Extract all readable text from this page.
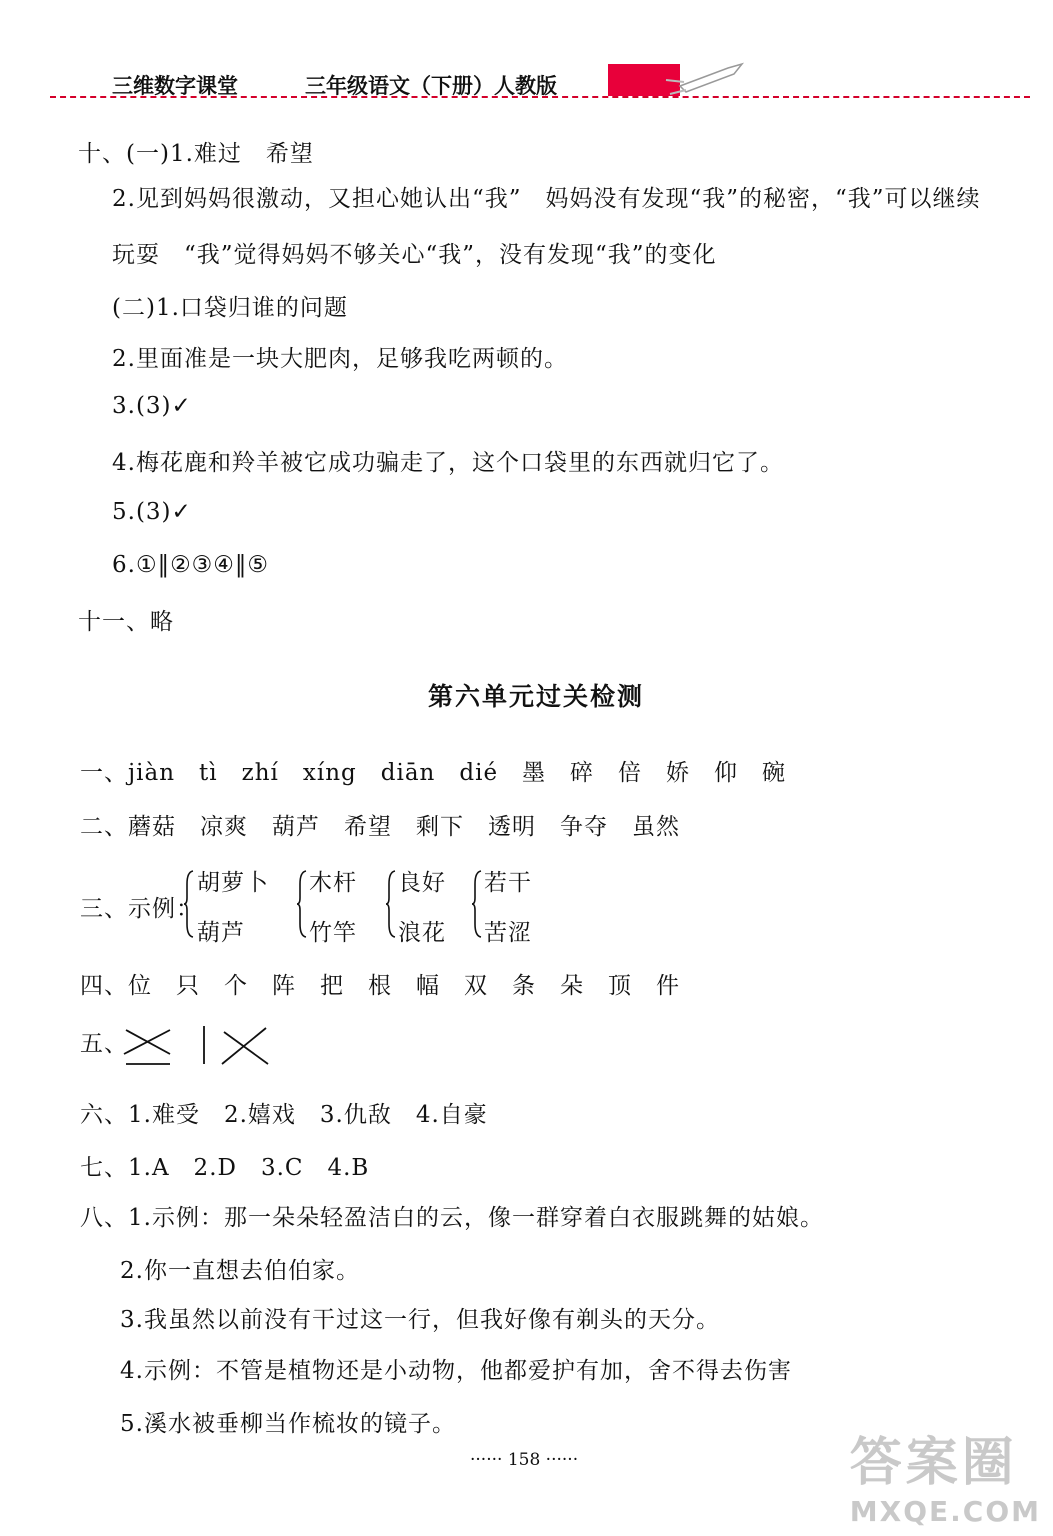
三维数字课堂	三年级语文（下册）人教版
十、(一)1.难过　希望
2.见到妈妈很激动，又担心她认出“我”　妈妈没有发现“我”的秘密，“我”可以继续
玩耍　“我”觉得妈妈不够关心“我”，没有发现“我”的变化
(二)1.口袋归谁的问题
2.里面准是一块大肥肉，足够我吃两顿的。
3.(3)✓
4.梅花鹿和羚羊被它成功骗走了，这个口袋里的东西就归它了。
5.(3)✓
6.①‖②③④‖⑤
十一、略
第六单元过关检测
一、jiàn　tì　zhí　xíng　diān　dié　墨　碎　倍　娇　仰　碗
二、蘑菇　凉爽　葫芦　希望　剩下　透明　争夺　虽然
三、示例：
胡萝卜
葫芦
木杆
竹竿
良好
浪花
若干
苦涩
四、位　只　个　阵　把　根　幅　双　条　朵　顶　件
五、
六、1.难受　2.嬉戏　3.仇敌　4.自豪
七、1.A　2.D　3.C　4.B
八、1.示例：那一朵朵轻盈洁白的云，像一群穿着白衣服跳舞的姑娘。
2.你一直想去伯伯家。
3.我虽然以前没有干过这一行，但我好像有剃头的天分。
4.示例：不管是植物还是小动物，他都爱护有加，舍不得去伤害
5.溪水被垂柳当作梳妆的镜子。
······ 158 ······	答案圈
MXQE.COM
